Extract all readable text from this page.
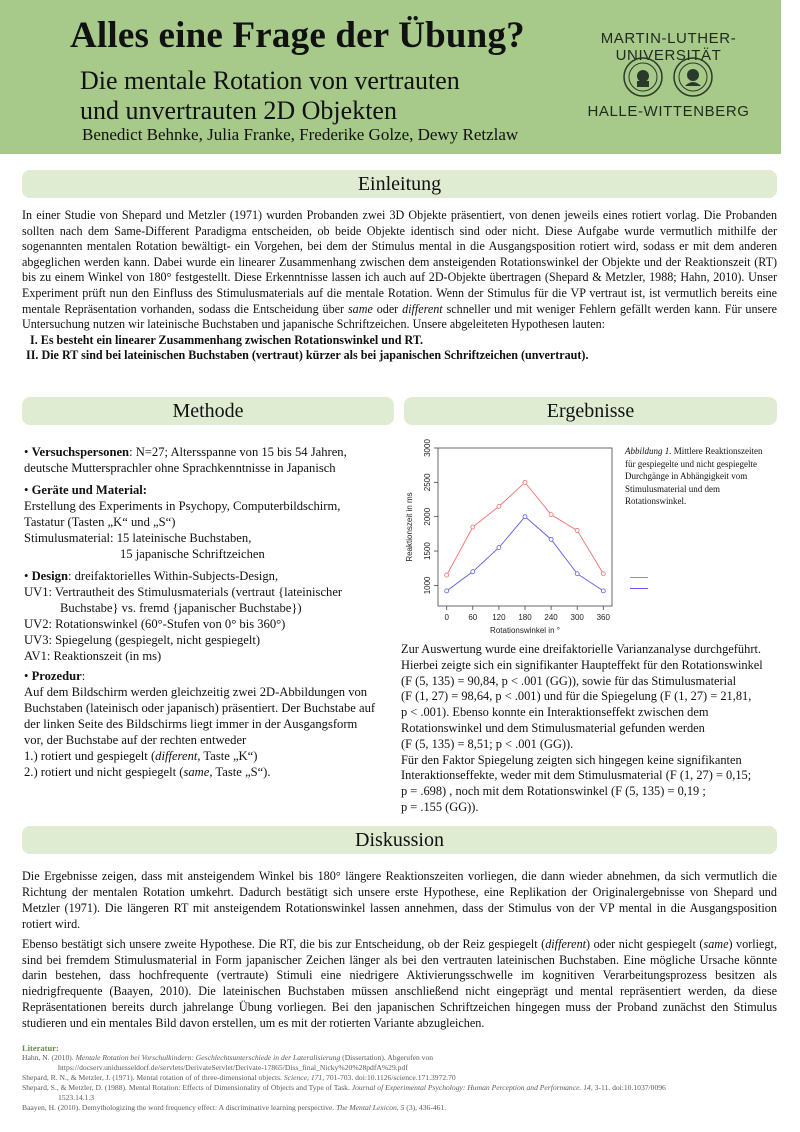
Alles eine Frage der Übung?
Die mentale Rotation von vertrauten
und unvertrauten 2D Objekten
Benedict Behnke, Julia Franke, Frederike Golze, Dewy Retzlaw
MARTIN-LUTHER-UNIVERSITÄT
HALLE-WITTENBERG
Einleitung

In einer Studie von Shepard und Metzler (1971) wurden Probanden zwei 3D Objekte präsentiert, von denen jeweils eines rotiert vorlag. Die Probanden sollten nach dem Same-Different Paradigma entscheiden, ob beide Objekte identisch sind oder nicht. Diese Aufgabe wurde vermutlich mithilfe der sogenannten mentalen Rotation bewältigt- ein Vorgehen, bei dem der Stimulus mental in die Ausgangsposition rotiert wird, sodass er mit dem anderen abgeglichen werden kann. Dabei wurde ein linearer Zusammenhang zwischen dem ansteigenden Rotationswinkel der Objekte und der Reaktionszeit (RT) bis zu einem Winkel von 180° festgestellt. Diese Erkenntnisse lassen ich auch auf 2D-Objekte übertragen (Shepard & Metzler, 1988; Hahn, 2010). Unser Experiment prüft nun den Einfluss des Stimulusmaterials auf die mentale Rotation. Wenn der Stimulus für die VP vertraut ist, ist vermutlich bereits eine mentale Repräsentation vorhanden, sodass die Entscheidung über same oder different schneller und mit weniger Fehlern gefällt werden kann. Für unsere Untersuchung nutzen wir lateinische Buchstaben und japanische Schriftzeichen. Unsere abgeleiteten Hypothesen lauten:

I. Es besteht ein linearer Zusammenhang zwischen Rotationswinkel und RT.

II. Die RT sind bei lateinischen Buchstaben (vertraut) kürzer als bei japanischen Schriftzeichen (unvertraut).

Methode

• Versuchspersonen: N=27; Altersspanne von 15 bis 54 Jahren, deutsche Muttersprachler ohne Sprachkenntnisse in Japanisch

• Geräte und Material:

Erstellung des Experiments in Psychopy, Computerbildschirm, Tastatur (Tasten „K“ und „S“)

Stimulusmaterial: 15 lateinische Buchstaben,

15 japanische Schriftzeichen

• Design: dreifaktorielles Within-Subjects-Design,

UV1: Vertrautheit des Stimulusmaterials (vertraut {lateinischer

Buchstabe} vs. fremd {japanischer Buchstabe})

UV2: Rotationswinkel (60°-Stufen von 0° bis 360°)

UV3: Spiegelung (gespiegelt, nicht gespiegelt)

AV1: Reaktionszeit (in ms)

• Prozedur:

Auf dem Bildschirm werden gleichzeitig zwei 2D-Abbildungen von Buchstaben (lateinisch oder japanisch) präsentiert. Der Buchstabe auf der linken Seite des Bildschirms liegt immer in der Ausgangsform vor, der Buchstabe auf der rechten entweder

1.) rotiert und gespiegelt (different, Taste „K“)

2.) rotiert und nicht gespiegelt (same, Taste „S“).

Ergebnisse
0 60 120 180 240 300 360
1000
1500
2000
2500
3000
Rotationswinkel in °
Reaktionszeit in ms
Abbildung 1. Mittlere Reaktionszeiten für gespiegelte und nicht gespiegelte Durchgänge in Abhängigkeit vom Stimulusmaterial und dem Rotationswinkel.

Zur Auswertung wurde eine dreifaktorielle Varianzanalyse durchgeführt.

Hierbei zeigte sich ein signifikanter Haupteffekt für den Rotationswinkel

(F (5, 135) = 90,84, p < .001 (GG)), sowie für das Stimulusmaterial

(F (1, 27) = 98,64, p < .001) und für die Spiegelung (F (1, 27) = 21,81,

p < .001). Ebenso konnte ein Interaktionseffekt zwischen dem

Rotationswinkel und dem Stimulusmaterial gefunden werden

(F (5, 135) = 8,51; p < .001 (GG)).

Für den Faktor Spiegelung zeigten sich hingegen keine signifikanten

Interaktionseffekte, weder mit dem Stimulusmaterial (F (1, 27) = 0,15;

p = .698) , noch mit dem Rotationswinkel (F (5, 135) = 0,19 ;

p = .155 (GG)).

Diskussion

Die Ergebnisse zeigen, dass mit ansteigendem Winkel bis 180° längere Reaktionszeiten vorliegen, die dann wieder abnehmen, da sich vermutlich die Richtung der mentalen Rotation umkehrt. Dadurch bestätigt sich unsere erste Hypothese, eine Replikation der Originalergebnisse von Shepard und Metzler (1971). Die längeren RT mit ansteigendem Rotationswinkel lassen annehmen, dass der Stimulus von der VP mental in die Ausgangsposition rotiert wird.

Ebenso bestätigt sich unsere zweite Hypothese. Die RT, die bis zur Entscheidung, ob der Reiz gespiegelt (different) oder nicht gespiegelt (same) vorliegt, sind bei fremdem Stimulusmaterial in Form japanischer Zeichen länger als bei den vertrauten lateinischen Buchstaben. Eine mögliche Ursache könnte darin bestehen, dass hochfrequente (vertraute) Stimuli eine niedrigere Aktivierungsschwelle im kognitiven Verarbeitungsprozess besitzen als niedrigfrequente (Baayen, 2010). Die lateinischen Buchstaben müssen anschließend nicht eingeprägt und mental repräsentiert werden, da diese Repräsentationen bereits durch jahrelange Übung vorliegen. Bei den japanischen Schriftzeichen hingegen muss der Proband zunächst den Stimulus studieren und ein mentales Bild davon erstellen, um es mit der rotierten Variante abzugleichen.

Literatur:
Hahn, N. (2010). Mentale Rotation bei Vorschulkindern: Geschlechtsunterschiede in der Lateralisierung (Dissertation). Abgerufen von
https://docserv.uniduesseldorf.de/servlets/DerivateServlet/Derivate-17865/Diss_final_Nicky%20%28pdfA%29.pdf
Shepard, R. N., & Metzler, J. (1971). Mental rotation of of three-dimensional objects. Science, 171, 701-703. doi:10.1126/science.171.3972.70
Shepard, S., & Metzler, D. (1988). Mental Rotation: Effects of Dimensionality of Objects and Type of Task. Journal of Experimental Psychology: Human Perception and Performance. 14, 3-11. doi:10.1037/0096
1523.14.1.3
Baayen, H. (2010). Demythologizing the word frequency effect: A discriminative learning perspective. The Mental Lexicon, 5 (3), 436-461.
